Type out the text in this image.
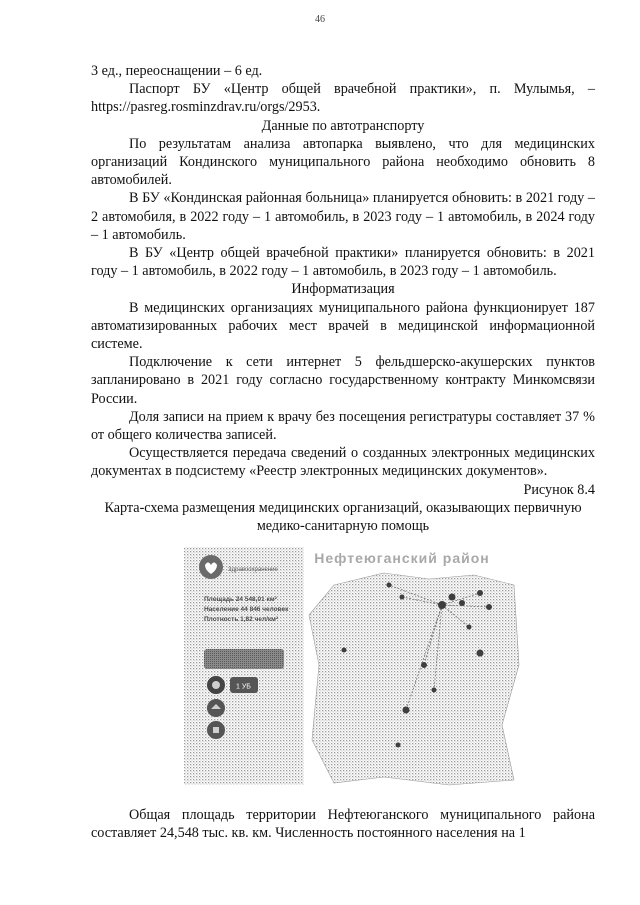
46

3 ед., переоснащении – 6 ед.

Паспорт БУ «Центр общей врачебной практики», п. Мулымья, – https://pasreg.rosminzdrav.ru/orgs/2953.

Данные по автотранспорту

По результатам анализа автопарка выявлено, что для медицинских организаций Кондинского муниципального района необходимо обновить 8 автомобилей.

В БУ «Кондинская районная больница» планируется обновить: в 2021 году – 2 автомобиля, в 2022 году – 1 автомобиль, в 2023 году – 1 автомобиль, в 2024 году – 1 автомобиль.

В БУ «Центр общей врачебной практики» планируется обновить: в 2021 году – 1 автомобиль, в 2022 году – 1 автомобиль, в 2023 году – 1 автомобиль.

Информатизация

В медицинских организациях муниципального района функционирует 187 автоматизированных рабочих мест врачей в медицинской информационной системе.

Подключение к сети интернет 5 фельдшерско-акушерских пунктов запланировано в 2021 году согласно государственному контракту Минкомсвязи России.

Доля записи на прием к врачу без посещения регистратуры составляет 37 % от общего количества записей.

Осуществляется передача сведений о созданных электронных медицинских документах в подсистему «Реестр электронных медицинских документов».

Рисунок 8.4

Карта-схема размещения медицинских организаций, оказывающих первичную медико-санитарную помощь

Здравоохранение
Площадь 24 548,01 км²
Население 44 846 человек
Плотность 1,82 чел/км²
1 УБ
Нефтеюганский район

Общая площадь территории Нефтеюганского муниципального района составляет 24,548 тыс. кв. км. Численность постоянного населения на 1
